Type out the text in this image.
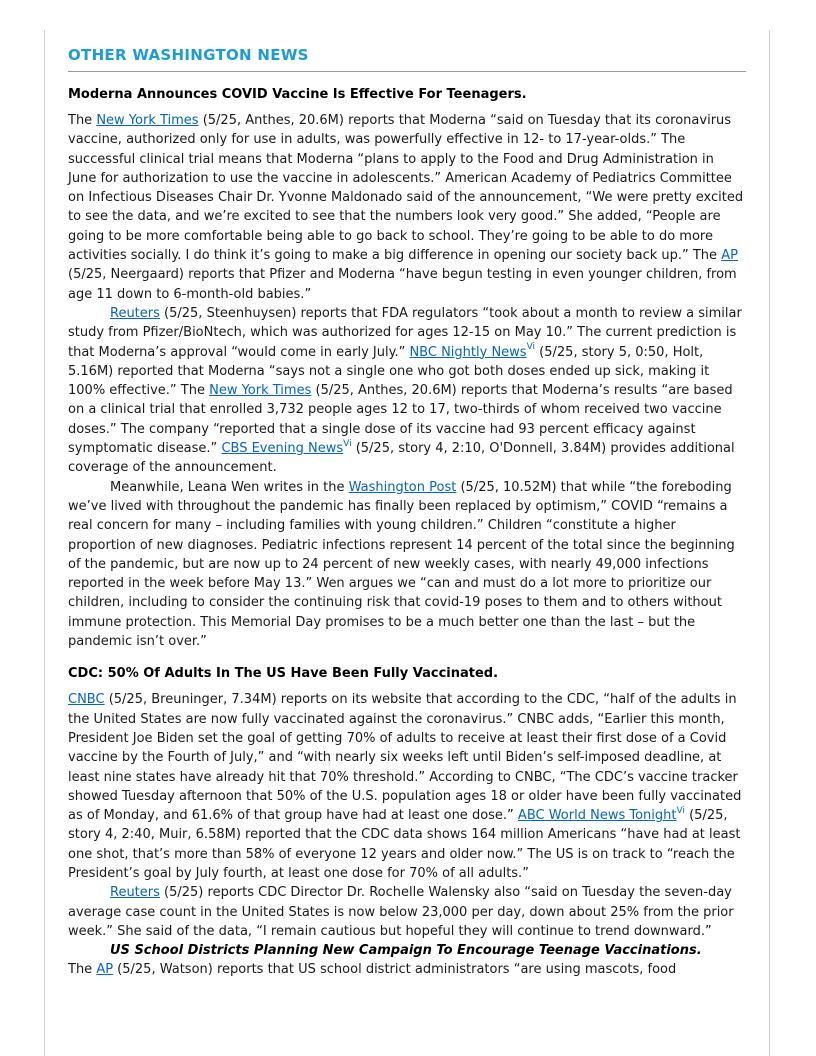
OTHER WASHINGTON NEWS
Moderna Announces COVID Vaccine Is Effective For Teenagers.

The New York Times (5/25, Anthes, 20.6M) reports that Moderna “said on Tuesday that its coronavirus vaccine, authorized only for use in adults, was powerfully effective in 12- to 17-year-olds.” The successful clinical trial means that Moderna “plans to apply to the Food and Drug Administration in June for authorization to use the vaccine in adolescents.” American Academy of Pediatrics Committee on Infectious Diseases Chair Dr. Yvonne Maldonado said of the announcement, “We were pretty excited to see the data, and we’re excited to see that the numbers look very good.” She added, “People are going to be more comfortable being able to go back to school. They’re going to be able to do more activities socially. I do think it’s going to make a big difference in opening our society back up.” The AP (5/25, Neergaard) reports that Pfizer and Moderna “have begun testing in even younger children, from age 11 down to 6-month-old babies.”

Reuters (5/25, Steenhuysen) reports that FDA regulators “took about a month to review a similar study from Pfizer/BioNtech, which was authorized for ages 12-15 on May 10.” The current prediction is that Moderna’s approval “would come in early July.” NBC Nightly News$^{Vi}$ (5/25, story 5, 0:50, Holt, 5.16M) reported that Moderna “says not a single one who got both doses ended up sick, making it 100% effective.” The New York Times (5/25, Anthes, 20.6M) reports that Moderna’s results “are based on a clinical trial that enrolled 3,732 people ages 12 to 17, two-thirds of whom received two vaccine doses.” The company “reported that a single dose of its vaccine had 93 percent efficacy against symptomatic disease.” CBS Evening News$^{Vi}$ (5/25, story 4, 2:10, O'Donnell, 3.84M) provides additional coverage of the announcement.

Meanwhile, Leana Wen writes in the Washington Post (5/25, 10.52M) that while “the foreboding we’ve lived with throughout the pandemic has finally been replaced by optimism,” COVID “remains a real concern for many – including families with young children.” Children “constitute a higher proportion of new diagnoses. Pediatric infections represent 14 percent of the total since the beginning of the pandemic, but are now up to 24 percent of new weekly cases, with nearly 49,000 infections reported in the week before May 13.” Wen argues we “can and must do a lot more to prioritize our children, including to consider the continuing risk that covid-19 poses to them and to others without immune protection. This Memorial Day promises to be a much better one than the last – but the pandemic isn’t over.”

CDC: 50% Of Adults In The US Have Been Fully Vaccinated.

CNBC (5/25, Breuninger, 7.34M) reports on its website that according to the CDC, “half of the adults in the United States are now fully vaccinated against the coronavirus.” CNBC adds, “Earlier this month, President Joe Biden set the goal of getting 70% of adults to receive at least their first dose of a Covid vaccine by the Fourth of July,” and “with nearly six weeks left until Biden’s self-imposed deadline, at least nine states have already hit that 70% threshold.” According to CNBC, “The CDC’s vaccine tracker showed Tuesday afternoon that 50% of the U.S. population ages 18 or older have been fully vaccinated as of Monday, and 61.6% of that group have had at least one dose.” ABC World News Tonight$^{Vi}$ (5/25, story 4, 2:40, Muir, 6.58M) reported that the CDC data shows 164 million Americans “have had at least one shot, that’s more than 58% of everyone 12 years and older now.” The US is on track to “reach the President’s goal by July fourth, at least one dose for 70% of all adults.”

Reuters (5/25) reports CDC Director Dr. Rochelle Walensky also “said on Tuesday the seven-day average case count in the United States is now below 23,000 per day, down about 25% from the prior week.” She said of the data, “I remain cautious but hopeful they will continue to trend downward.”

US School Districts Planning New Campaign To Encourage Teenage Vaccinations.

The AP (5/25, Watson) reports that US school district administrators “are using mascots, food
